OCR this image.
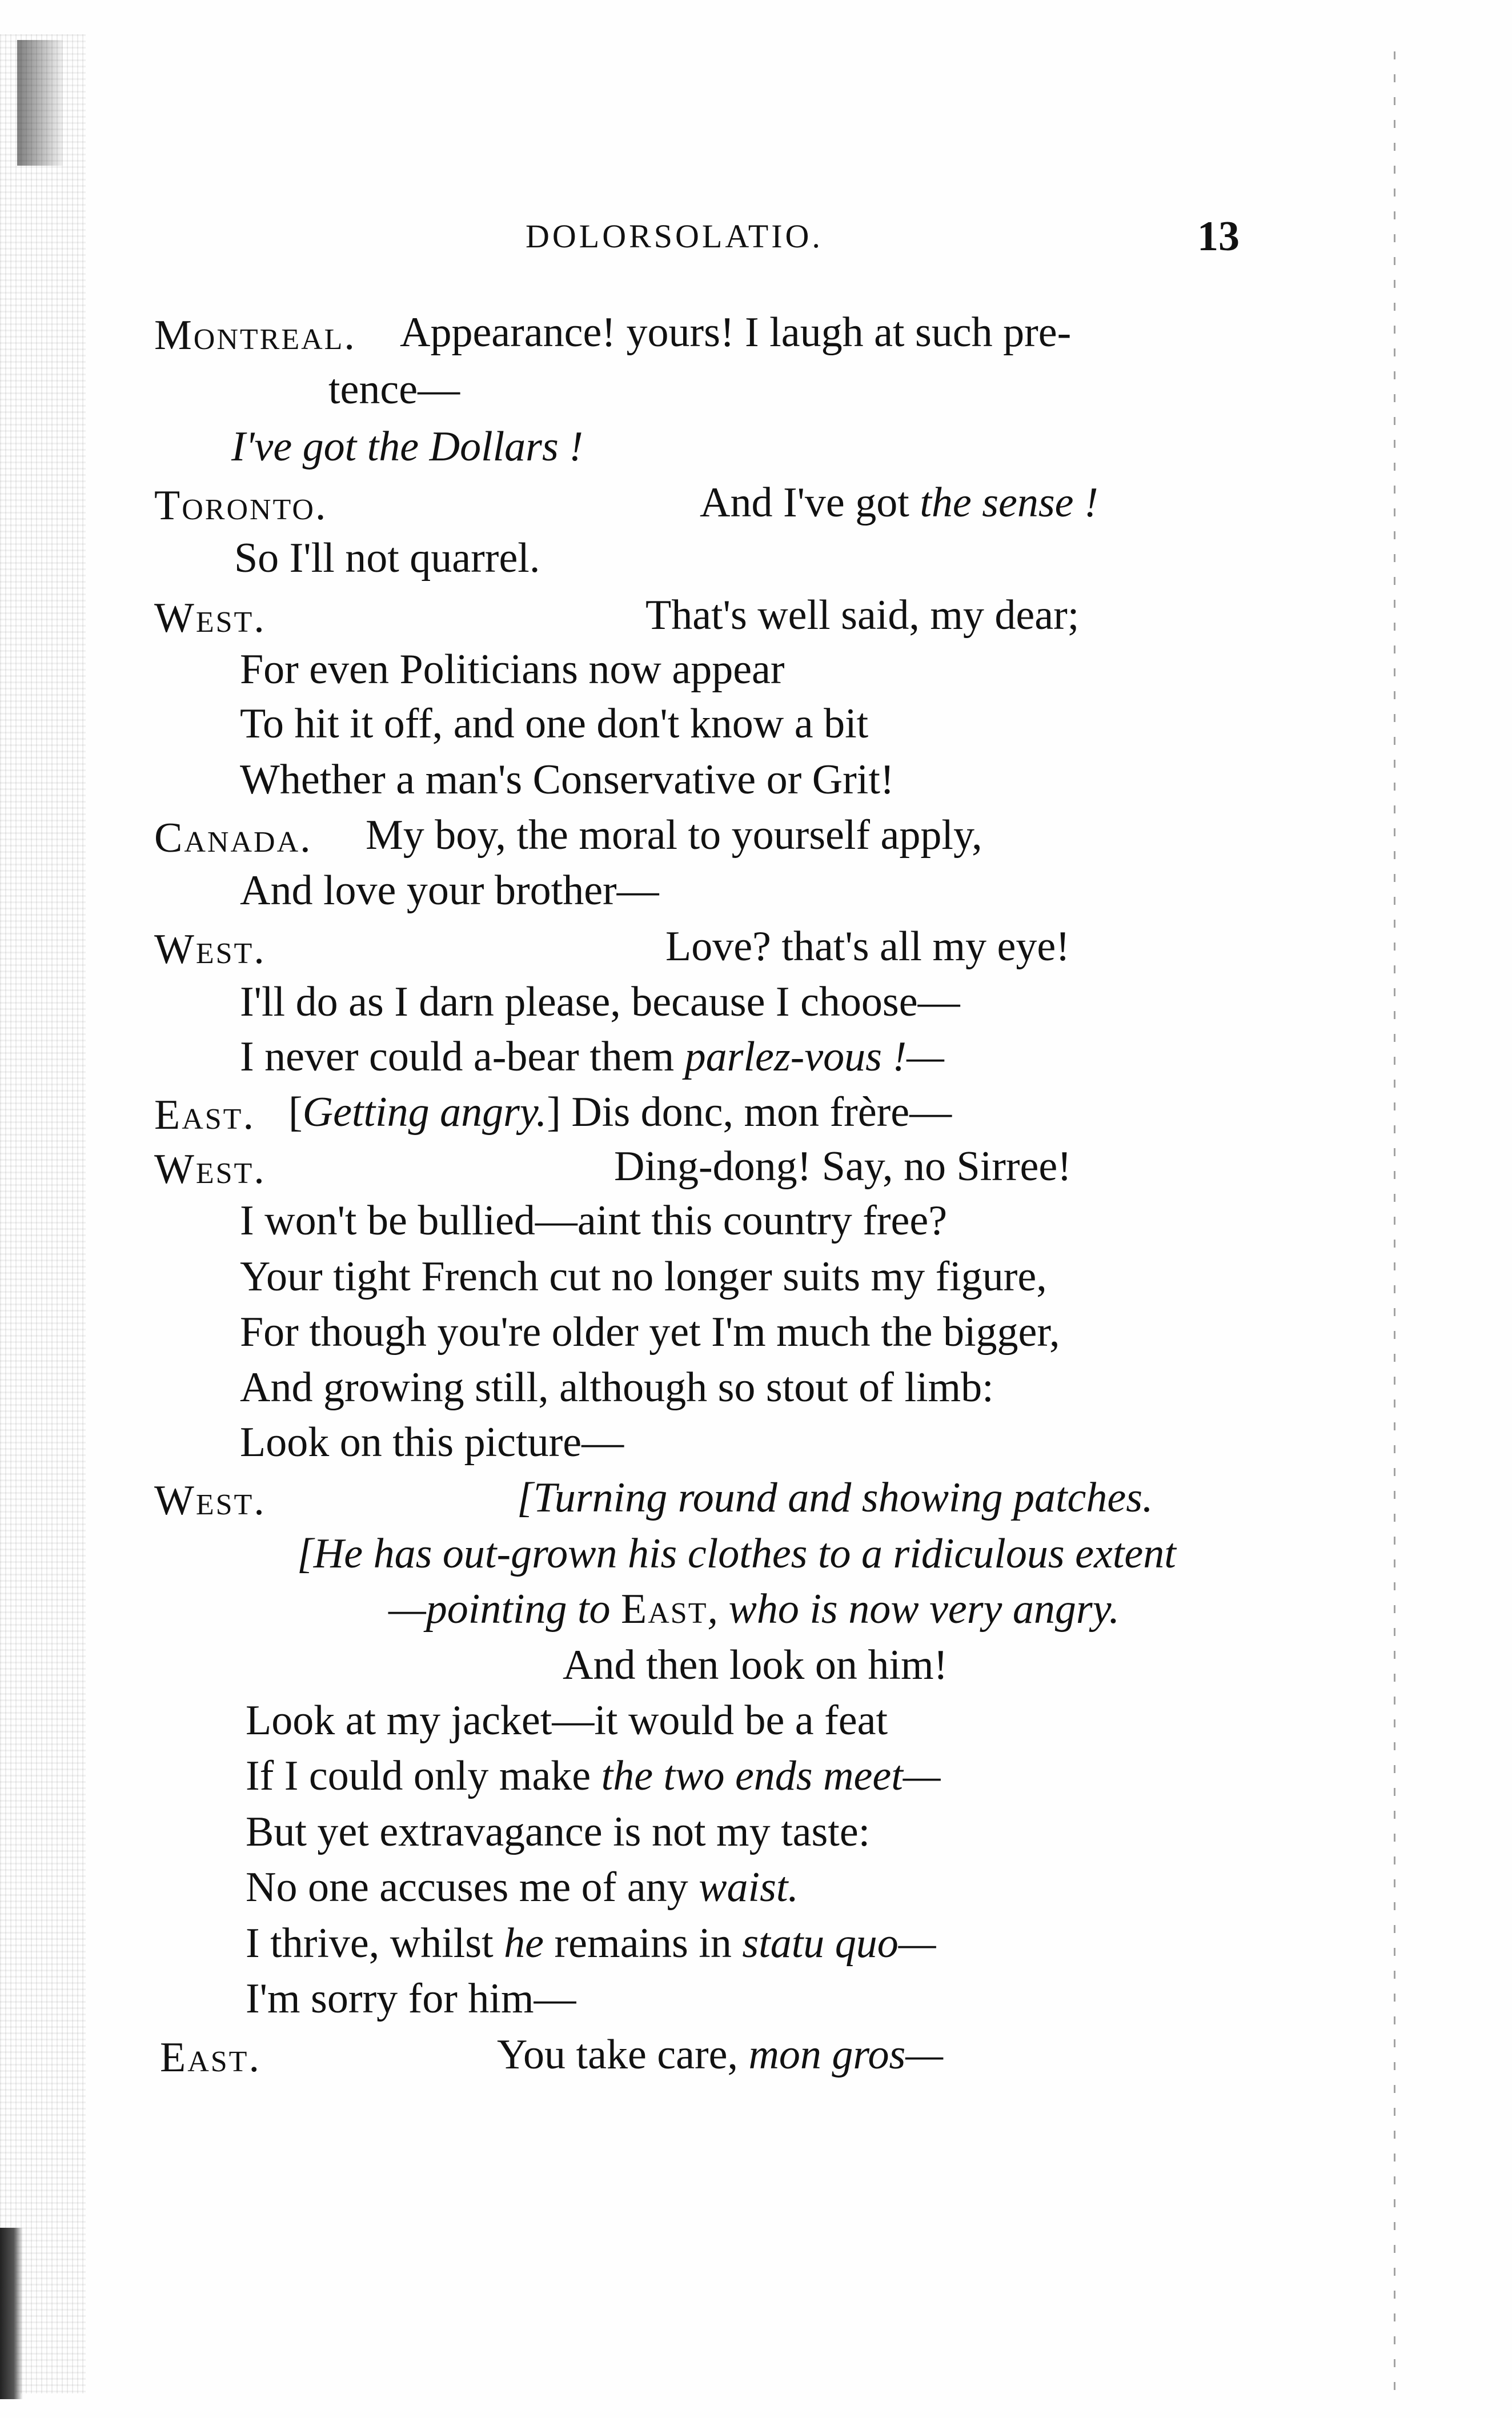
DOLORSOLATIO.	13
Montreal. Appearance! yours! I laugh at such pre-
tence—
I've got the Dollars !
Toronto.	And I've got the sense !
So I'll not quarrel.
West.	That's well said, my dear;
For even Politicians now appear
To hit it off, and one don't know a bit
Whether a man's Conservative or Grit!
Canada. My boy, the moral to yourself apply,
And love your brother—
West.	Love? that's all my eye!
I'll do as I darn please, because I choose—
I never could a-bear them parlez-vous !—
East. [Getting angry.] Dis donc, mon frère—
West.	Ding-dong! Say, no Sirree!
I won't be bullied—aint this country free?
Your tight French cut no longer suits my figure,
For though you're older yet I'm much the bigger,
And growing still, although so stout of limb:
Look on this picture—
West.	[Turning round and showing patches.
[He has out-grown his clothes to a ridiculous extent
—pointing to East, who is now very angry.
And then look on him!
Look at my jacket—it would be a feat
If I could only make the two ends meet—
But yet extravagance is not my taste:
No one accuses me of any waist.
I thrive, whilst he remains in statu quo—
I'm sorry for him—
East.	You take care, mon gros—
